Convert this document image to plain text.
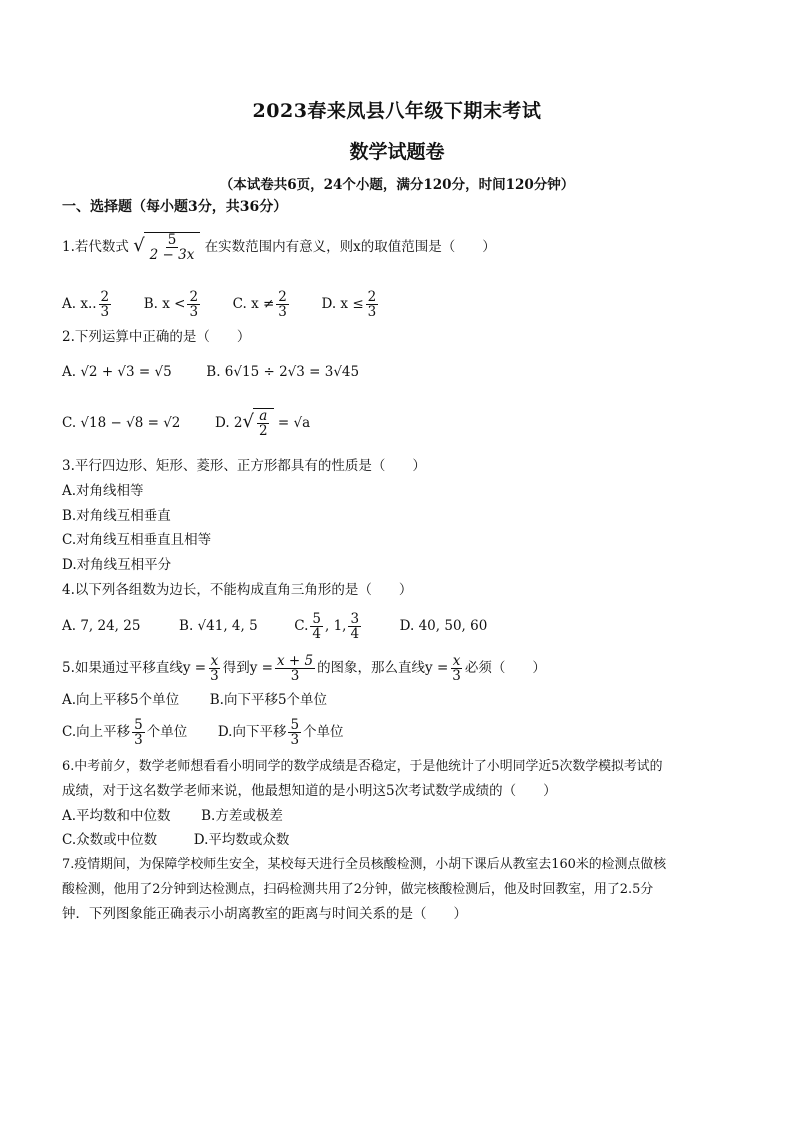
2023春来凤县八年级下期末考试
数学试题卷
（本试卷共6页，24个小题，满分120分，时间120分钟）
一、选择题（每小题3分，共36分）
1.若代数式 √ $\frac{5}{2 - 3x}$ 在实数范围内有意义，则x的取值范围是（　　）
A. x.. $\frac{2}{3} B$. $x < \frac{2}{3} C$. $x \ne \frac{2}{3} D$. $x \le \frac{2}{3}$
2.下列运算中正确的是（　　）
A. √2 + √3 = √5	B. 6√15 ÷ 2√3 = 3√45
C. √18 − √8 = √2	D. $2√ \frac{a}{2} = √a$
3.平行四边形、矩形、菱形、正方形都具有的性质是（　　）
A.对角线相等
B.对角线互相垂直
C.对角线互相垂直且相等
D.对角线互相平分
4.以下列各组数为边长，不能构成直角三角形的是（　　）
A. 7, 24, 25	B. √41, 4, 5	C. $\frac{5}{4}$ , 1, $\frac{3}{4}$	D. 40, 50, 60
5.如果通过平移直线$y = \frac{x}{3}$ 得到$y = \frac{x + 5}{3}$ 的图象，那么直线$y = \frac{x}{3}$ 必须（　　）
A.向上平移5个单位 B.向下平移5个单位
C.向上平移 $\frac{5}{3}$ 个单位 D.向下平移 $\frac{5}{3}$ 个单位
6.中考前夕，数学老师想看看小明同学的数学成绩是否稳定，于是他统计了小明同学近5次数学模拟考试的
成绩，对于这名数学老师来说，他最想知道的是小明这5次考试数学成绩的（　　）
A.平均数和中位数 B.方差或极差
C.众数或中位数	D.平均数或众数
7.疫情期间，为保障学校师生安全，某校每天进行全员核酸检测，小胡下课后从教室去160米的检测点做核
酸检测，他用了2分钟到达检测点，扫码检测共用了2分钟，做完核酸检测后，他及时回教室，用了2.5分
钟．下列图象能正确表示小胡离教室的距离与时间关系的是（　　）
